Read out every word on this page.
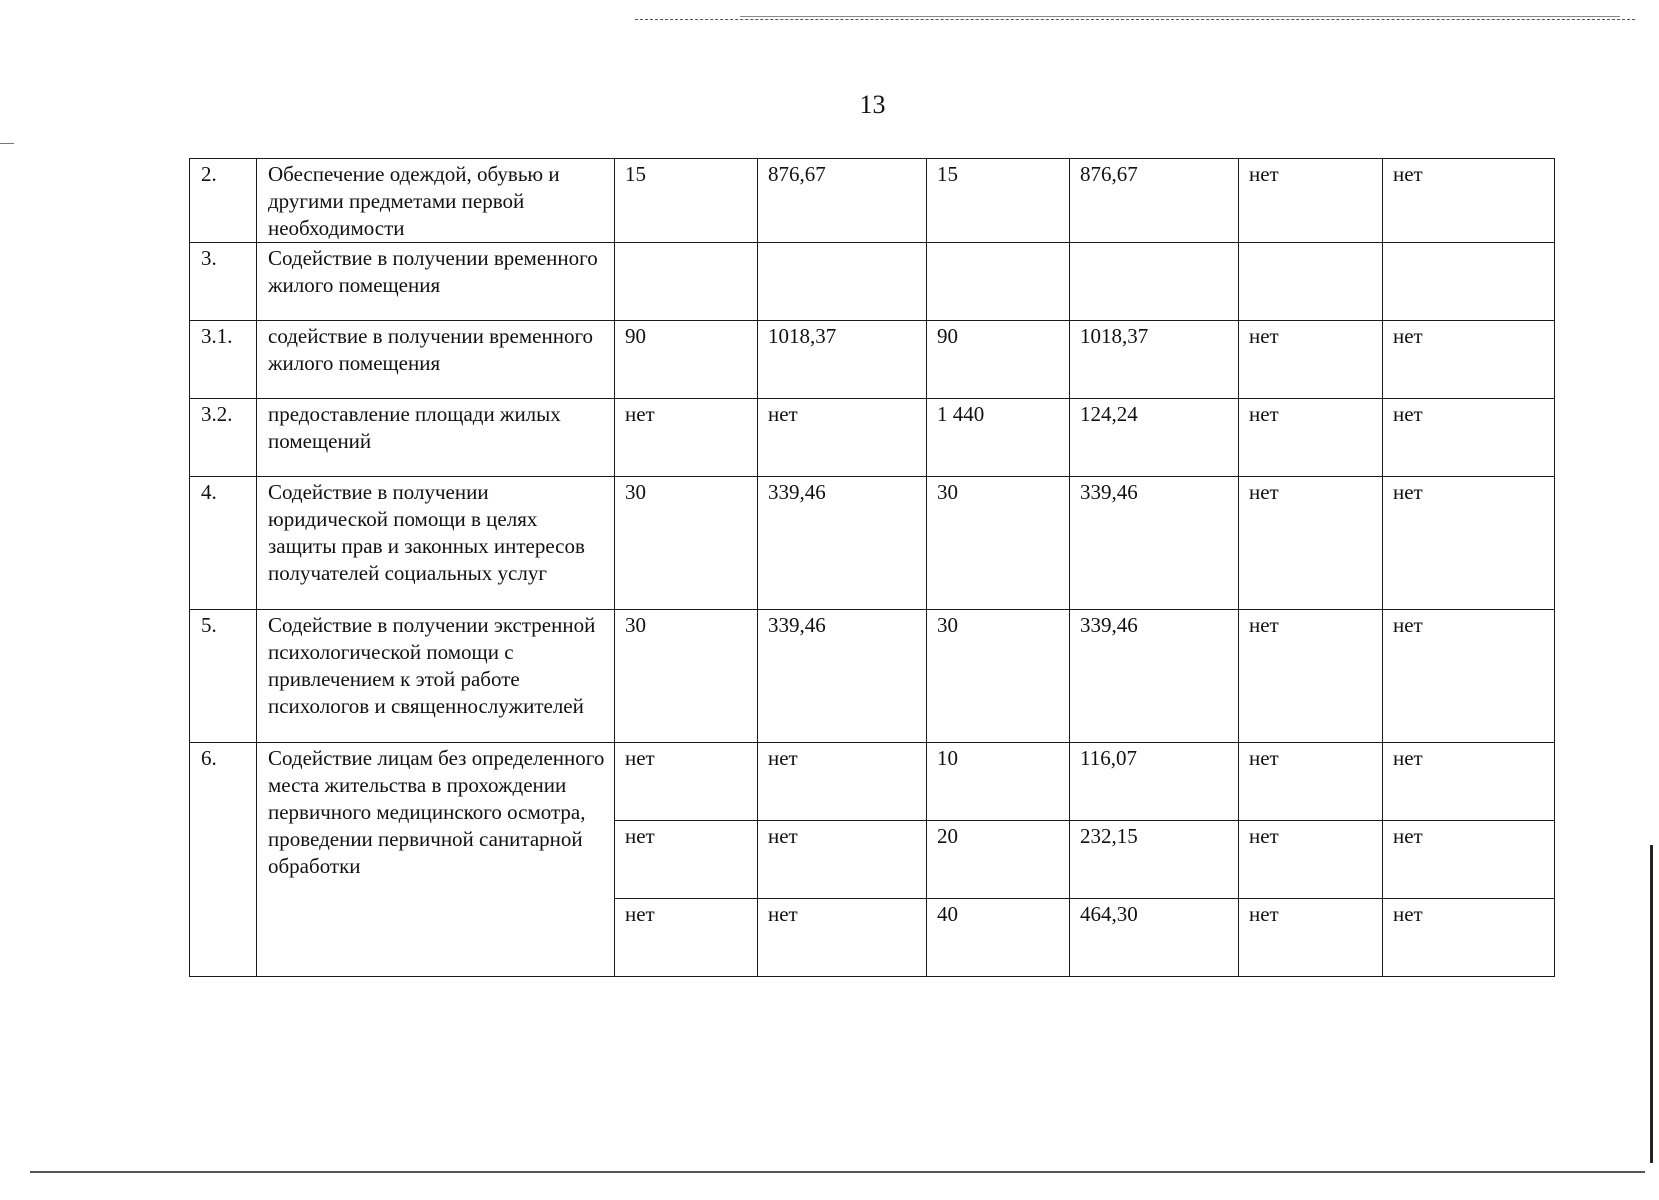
13
2.	Обеспечение одеждой, обувью и другими предметами первой необходимости	15	876,67	15	876,67	нет	нет
3.	Содействие в получении временного жилого помещения						
3.1.	содействие в получении временного жилого помещения	90	1018,37	90	1018,37	нет	нет
3.2.	предоставление площади жилых помещений	нет	нет	1 440	124,24	нет	нет
4.	Содействие в получении юридической помощи в целях защиты прав и законных интересов получателей социальных услуг	30	339,46	30	339,46	нет	нет
5.	Содействие в получении экстренной психологической помощи с привлечением к этой работе психологов и священнослужителей	30	339,46	30	339,46	нет	нет
6.	Содействие лицам без определенного места жительства в прохождении первичного медицинского осмотра, проведении первичной санитарной обработки	нет	нет	10	116,07	нет	нет
		нет	нет	20	232,15	нет	нет
		нет	нет	40	464,30	нет	нет
